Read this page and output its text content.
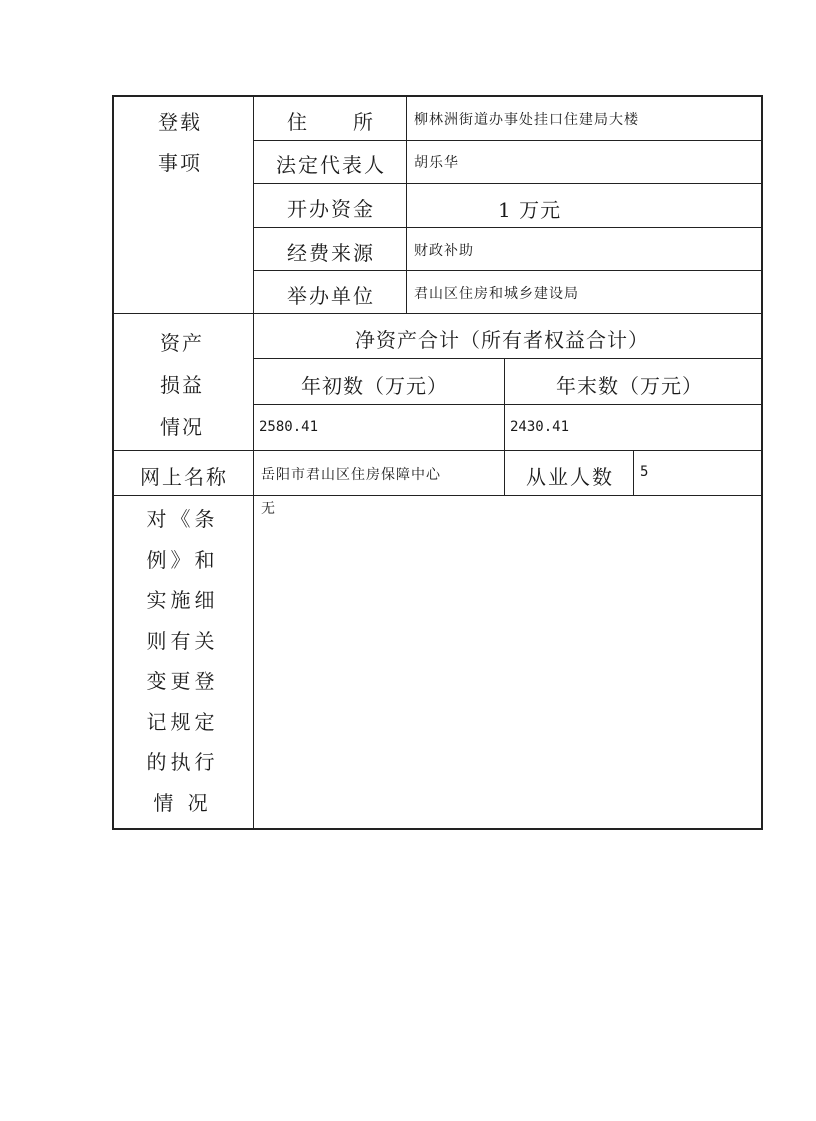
登载
事项
住　　所	柳林洲街道办事处挂口住建局大楼
法定代表人 胡乐华
开办资金	1 万元
经费来源	财政补助
举办单位	君山区住房和城乡建设局
资产
损益
情况
净资产合计（所有者权益合计）
年初数（万元）	年末数（万元）
2580.41	2430.41
网上名称 岳阳市君山区住房保障中心	从业人数 5
对《条
例》和
实施细
则有关
变更登
记规定
的执行
情 况
无
